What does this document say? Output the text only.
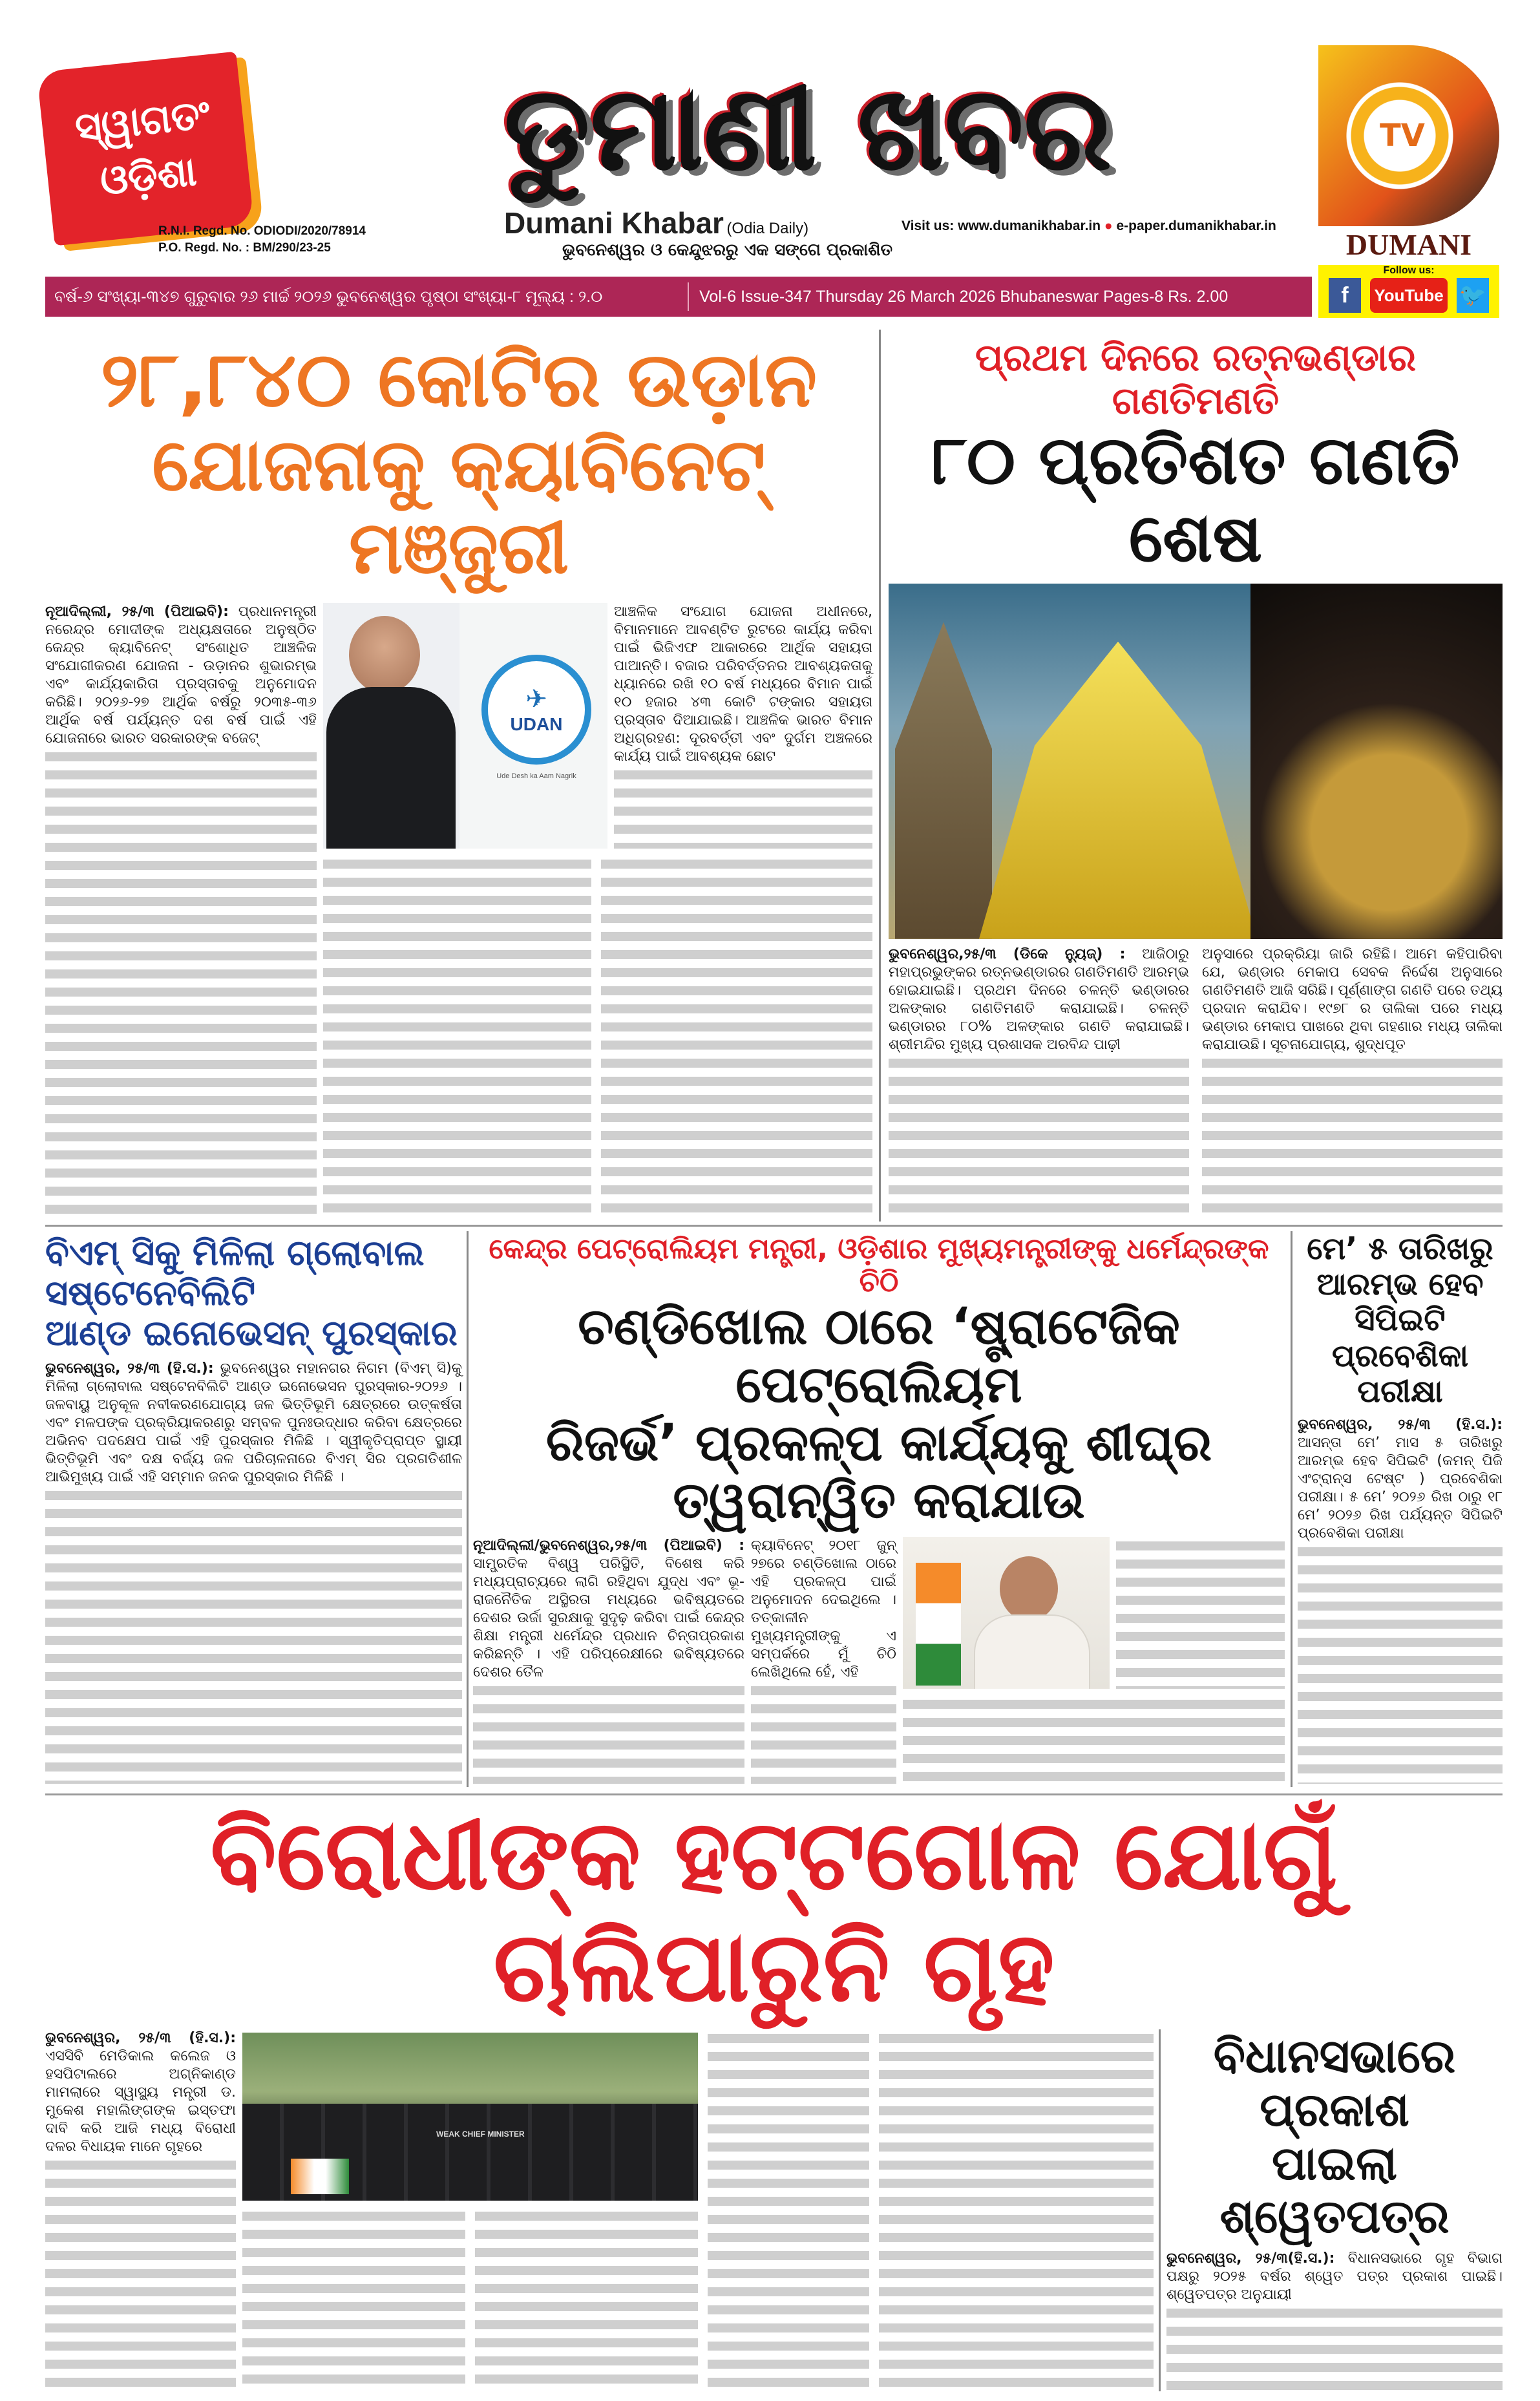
ସ୍ୱାଗତଂ
ଓଡ଼ିଶା	ଡୁମାଣୀ ଖବର
R.N.I. Regd. No. ODIODI/2020/78914
P.O. Regd. No. : BM/290/23-25
Dumani Khabar (Odia Daily)	Visit us: www.dumanikhabar.in ● e-paper.dumanikhabar.in
ଭୁବନେଶ୍ୱର ଓ କେନ୍ଦୁଝରରୁ ଏକ ସଙ୍ଗେ ପ୍ରକାଶିତ
TV
DUMANI
ବର୍ଷ-୬ ସଂଖ୍ୟା-୩୪୭ ଗୁରୁବାର ୨୬ ମାର୍ଚ୍ଚ ୨୦୨୬ ଭୁବନେଶ୍ୱର ପୃଷ୍ଠା ସଂଖ୍ୟା-୮ ମୂଲ୍ୟ : ୨.୦	Vol-6 Issue-347 Thursday 26 March 2026 Bhubaneswar Pages-8 Rs. 2.00
Follow us:
f	YouTube 🐦
୨୮,୮୪୦ କୋଟିର ଉଡ଼ାନ
ଯୋଜନାକୁ କ୍ୟାବିନେଟ୍ ମଞ୍ଜୁରୀ

ନୂଆଦିଲ୍ଲୀ, ୨୫/୩ (ପିଆଇବି): ପ୍ରଧାନମନ୍ତ୍ରୀ ନରେନ୍ଦ୍ର ମୋଦୀଙ୍କ ଅଧ୍ୟକ୍ଷତାରେ ଅନୁଷ୍ଠିତ କେନ୍ଦ୍ର କ୍ୟାବିନେଟ୍ ସଂଶୋଧିତ ଆଞ୍ଚଳିକ ସଂଯୋଗୀକରଣ ଯୋଜନା - ଉଡ଼ାନର ଶୁଭାରମ୍ଭ ଏବଂ କାର୍ଯ୍ୟକାରିତା ପ୍ରସ୍ତାବକୁ ଅନୁମୋଦନ କରିଛି। ୨୦୨୬-୨୭ ଆର୍ଥିକ ବର୍ଷରୁ ୨୦୩୫-୩୬ ଆର୍ଥିକ ବର୍ଷ ପର୍ଯ୍ୟନ୍ତ ଦଶ ବର୍ଷ ପାଇଁ ଏହି ଯୋଜନାରେ ଭାରତ ସରକାରଙ୍କ ବଜେଟ୍

✈
UDAN
Ude Desh ka Aam Nagrik

ଆଞ୍ଚଳିକ ସଂଯୋଗ ଯୋଜନା ଅଧୀନରେ, ବିମାନମାନେ ଆବଣ୍ଟିତ ରୁଟରେ କାର୍ଯ୍ୟ କରିବା ପାଇଁ ଭିଜିଏଫ ଆକାରରେ ଆର୍ଥିକ ସହାୟତା ପାଆନ୍ତି। ବଜାର ପରିବର୍ତ୍ତନର ଆବଶ୍ୟକତାକୁ ଧ୍ୟାନରେ ରଖି ୧୦ ବର୍ଷ ମଧ୍ୟରେ ବିମାନ ପାଇଁ ୧୦ ହଜାର ୪୩ କୋଟି ଟଙ୍କାର ସହାୟତା ପ୍ରସ୍ତାବ ଦିଆଯାଇଛି। ଆଞ୍ଚଳିକ ଭାରତ ବିମାନ ଅଧିଗ୍ରହଣ: ଦୂରବର୍ତ୍ତୀ ଏବଂ ଦୁର୍ଗମ ଅଞ୍ଚଳରେ କାର୍ଯ୍ୟ ପାଇଁ ଆବଶ୍ୟକ ଛୋଟ

ପ୍ରଥମ ଦିନରେ ରତ୍ନଭଣ୍ଡାର ଗଣତିମଣତି
୮୦ ପ୍ରତିଶତ ଗଣତି ଶେଷ

ଭୁବନେଶ୍ୱର,୨୫/୩ (ଡିକେ ନ୍ୟୁଜ୍) : ଆଜିଠାରୁ ମହାପ୍ରଭୁଙ୍କର ରତ୍ନଭଣ୍ଡାରର ଗଣତିମଣତି ଆରମ୍ଭ ହୋଇଯାଇଛି। ପ୍ରଥମ ଦିନରେ ଚଳନ୍ତି ଭଣ୍ଡାରର ଅଳଙ୍କାର ଗଣତିମଣତି କରାଯାଇଛି। ଚଳନ୍ତି ଭଣ୍ଡାରର ୮୦% ଅଳଙ୍କାର ଗଣତି କରାଯାଇଛି। ଶ୍ରୀମନ୍ଦିର ମୁଖ୍ୟ ପ୍ରଶାସକ ଅରବିନ୍ଦ ପାଢ଼ୀ

ଅନୁସାରେ ପ୍ରକ୍ରିୟା ଜାରି ରହିଛି। ଆମେ କହିପାରିବା ଯେ, ଭଣ୍ଡାର ମେକାପ ସେବକ ନିର୍ଦ୍ଦେଶ ଅନୁସାରେ ଗଣତିମଣତି ଆଜି ସରିଛି। ପୂର୍ଣ୍ଣାଙ୍ଗ ଗଣତି ପରେ ତଥ୍ୟ ପ୍ରଦାନ କରାଯିବ। ୧୯୭୮ ର ତାଲିକା ପରେ ମଧ୍ୟ ଭଣ୍ଡାର ମେକାପ ପାଖରେ ଥିବା ଗହଣାର ମଧ୍ୟ ତାଲିକା କରାଯାଉଛି। ସୂଚନାଯୋଗ୍ୟ, ଶୁଦ୍ଧପୂତ

ବିଏମ୍ ସିକୁ ମିଳିଲା ଗ୍ଲୋବାଲ ସଷ୍ଟେନେବିଲିଟି
ଆଣ୍ଡ ଇନୋଭେସନ୍ ପୁରସ୍କାର

ଭୁବନେଶ୍ୱର, ୨୫/୩ (ହି.ସ.): ଭୁବନେଶ୍ୱର ମହାନଗର ନିଗମ (ବିଏମ୍ ସି)କୁ ମିଳିଲା ଗ୍ଲୋବାଲ ସଷ୍ଟେନବିଲିଟି ଆଣ୍ଡ ଇନୋଭେସନ ପୁରସ୍କାର-୨୦୨୬ । ଜଳବାୟୁ ଅନୁକୂଳ ନବୀକରଣଯୋଗ୍ୟ ଜଳ ଭିତ୍ତିଭୂମି କ୍ଷେତ୍ରରେ ଉତ୍କର୍ଷତା ଏବଂ ମଳପଙ୍କ ପ୍ରକ୍ରିୟାକରଣରୁ ସମ୍ବଳ ପୁନଃଉଦ୍ଧାର କରିବା କ୍ଷେତ୍ରରେ ଅଭିନବ ପଦକ୍ଷେପ ପାଇଁ ଏହି ପୁରସ୍କାର ମିଳିଛି । ସ୍ୱୀକୃତିପ୍ରାପ୍ତ ସ୍ଥାୟୀ ଭିତ୍ତିଭୂମି ଏବଂ ଦକ୍ଷ ବର୍ଜ୍ୟ ଜଳ ପରିଚାଳନାରେ ବିଏମ୍ ସିର ପ୍ରଗତିଶୀଳ ଆଭିମୁଖ୍ୟ ପାଇଁ ଏହି ସମ୍ମାନ ଜନକ ପୁରସ୍କାର ମିଳିଛି ।

କେନ୍ଦ୍ର ପେଟ୍ରୋଲିୟମ ମନ୍ତ୍ରୀ, ଓଡ଼ିଶାର ମୁଖ୍ୟମନ୍ତ୍ରୀଙ୍କୁ ଧର୍ମେନ୍ଦ୍ରଙ୍କ ଚିଠି
ଚଣ୍ଡିଖୋଲ ଠାରେ ‘ଷ୍ଟ୍ରାଟେଜିକ ପେଟ୍ରୋଲିୟମ
ରିଜର୍ଭ’ ପ୍ରକଳ୍ପ କାର୍ଯ୍ୟକୁ ଶୀଘ୍ର ତ୍ୱରାନ୍ୱିତ କରାଯାଉ

ନୂଆଦିଲ୍ଲୀ/ଭୁବନେଶ୍ୱର,୨୫/୩ (ପିଆଇବି) : ସାମ୍ପ୍ରତିକ ବିଶ୍ୱ ପରିସ୍ଥିତି, ବିଶେଷ କରି ମଧ୍ୟପ୍ରାଚ୍ୟରେ ଲାଗି ରହିଥିବା ଯୁଦ୍ଧ ଏବଂ ଭୂ-ରାଜନୈତିକ ଅସ୍ଥିରତା ମଧ୍ୟରେ ଭବିଷ୍ୟତରେ ଦେଶର ଉର୍ଜା ସୁରକ୍ଷାକୁ ସୁଦୃଢ଼ କରିବା ପାଇଁ କେନ୍ଦ୍ର ଶିକ୍ଷା ମନ୍ତ୍ରୀ ଧର୍ମେନ୍ଦ୍ର ପ୍ରଧାନ ଚିନ୍ତାପ୍ରକାଶ କରିଛନ୍ତି । ଏହି ପରିପ୍ରେକ୍ଷୀରେ ଭବିଷ୍ୟତରେ ଦେଶର ତୈଳ

କ୍ୟାବିନେଟ୍ ୨୦୧୮ ଜୁନ୍ ୨୭ରେ ଚଣ୍ଡିଖୋଲ ଠାରେ ଏହି ପ୍ରକଳ୍ପ ପାଇଁ ଅନୁମୋଦନ ଦେଇଥିଲେ । ତତ୍କାଳୀନ ମୁଖ୍ୟମନ୍ତ୍ରୀଙ୍କୁ ଏ ସମ୍ପର୍କରେ ମୁଁ ଚିଠି ଲେଖିଥିଲେ ହେଁ, ଏହି

ମେ’ ୫ ତାରିଖରୁ
ଆରମ୍ଭ ହେବ ସିପିଇଟି
ପ୍ରବେଶିକା ପରୀକ୍ଷା

ଭୁବନେଶ୍ୱର, ୨୫/୩ (ହି.ସ.): ଆସନ୍ତା ମେ’ ମାସ ୫ ତାରିଖରୁ ଆରମ୍ଭ ହେବ ସିପିଇଟି (କମନ୍ ପିଜି ଏଂଟ୍ରାନ୍ସ ଟେଷ୍ଟ ) ପ୍ରବେଶିକା ପରୀକ୍ଷା। ୫ ମେ’ ୨୦୨୬ ରିଖ ଠାରୁ ୧୮ ମେ’ ୨୦୨୬ ରିଖ ପର୍ଯ୍ୟନ୍ତ ସିପିଇଟି ପ୍ରବେଶିକା ପରୀକ୍ଷା

ବିରୋଧୀଙ୍କ ହଟ୍ଟଗୋଳ ଯୋଗୁଁ ଚାଲିପାରୁନି ଗୃହ

ଭୁବନେଶ୍ୱର, ୨୫/୩ (ହି.ସ.): ଏସସିବି ମେଡିକାଲ କଲେଜ ଓ ହସପିଟାଲରେ ଅଗ୍ନିକାଣ୍ଡ ମାମଲାରେ ସ୍ୱାସ୍ଥ୍ୟ ମନ୍ତ୍ରୀ ଡ. ମୁକେଶ ମହାଲିଙ୍ଗଙ୍କ ଇସ୍ତଫା ଦାବି କରି ଆଜି ମଧ୍ୟ ବିରୋଧୀ ଦଳର ବିଧାୟକ ମାନେ ଗୃହରେ

WEAK CHIEF MINISTER
ବିଧାନସଭାରେ ପ୍ରକାଶ
ପାଇଲା ଶ୍ୱେତପତ୍ର

ଭୁବନେଶ୍ୱର, ୨୫/୩(ହି.ସ.): ବିଧାନସଭାରେ ଗୃହ ବିଭାଗ ପକ୍ଷରୁ ୨୦୨୫ ବର୍ଷର ଶ୍ୱେତ ପତ୍ର ପ୍ରକାଶ ପାଇଛି। ଶ୍ୱେତପତ୍ର ଅନୁଯାୟୀ
